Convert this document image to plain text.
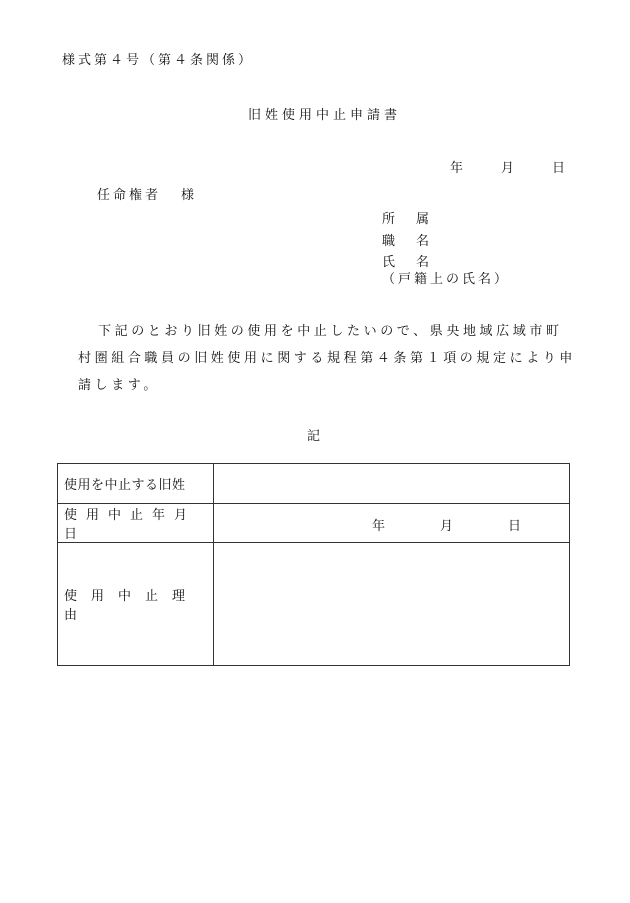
様式第４号（第４条関係）
旧姓使用中止申請書
年	月	日
任命権者 様
所属
職名
氏名
（戸籍上の氏名）
下記のとおり旧姓の使用を中止したいので、県央地域広域市町村圏組合職員の旧姓使用に関する規程第４条第１項の規定により申請します。
記
使用を中止する旧姓	
使用中止年月日	年 月 日

使用中止理由	
